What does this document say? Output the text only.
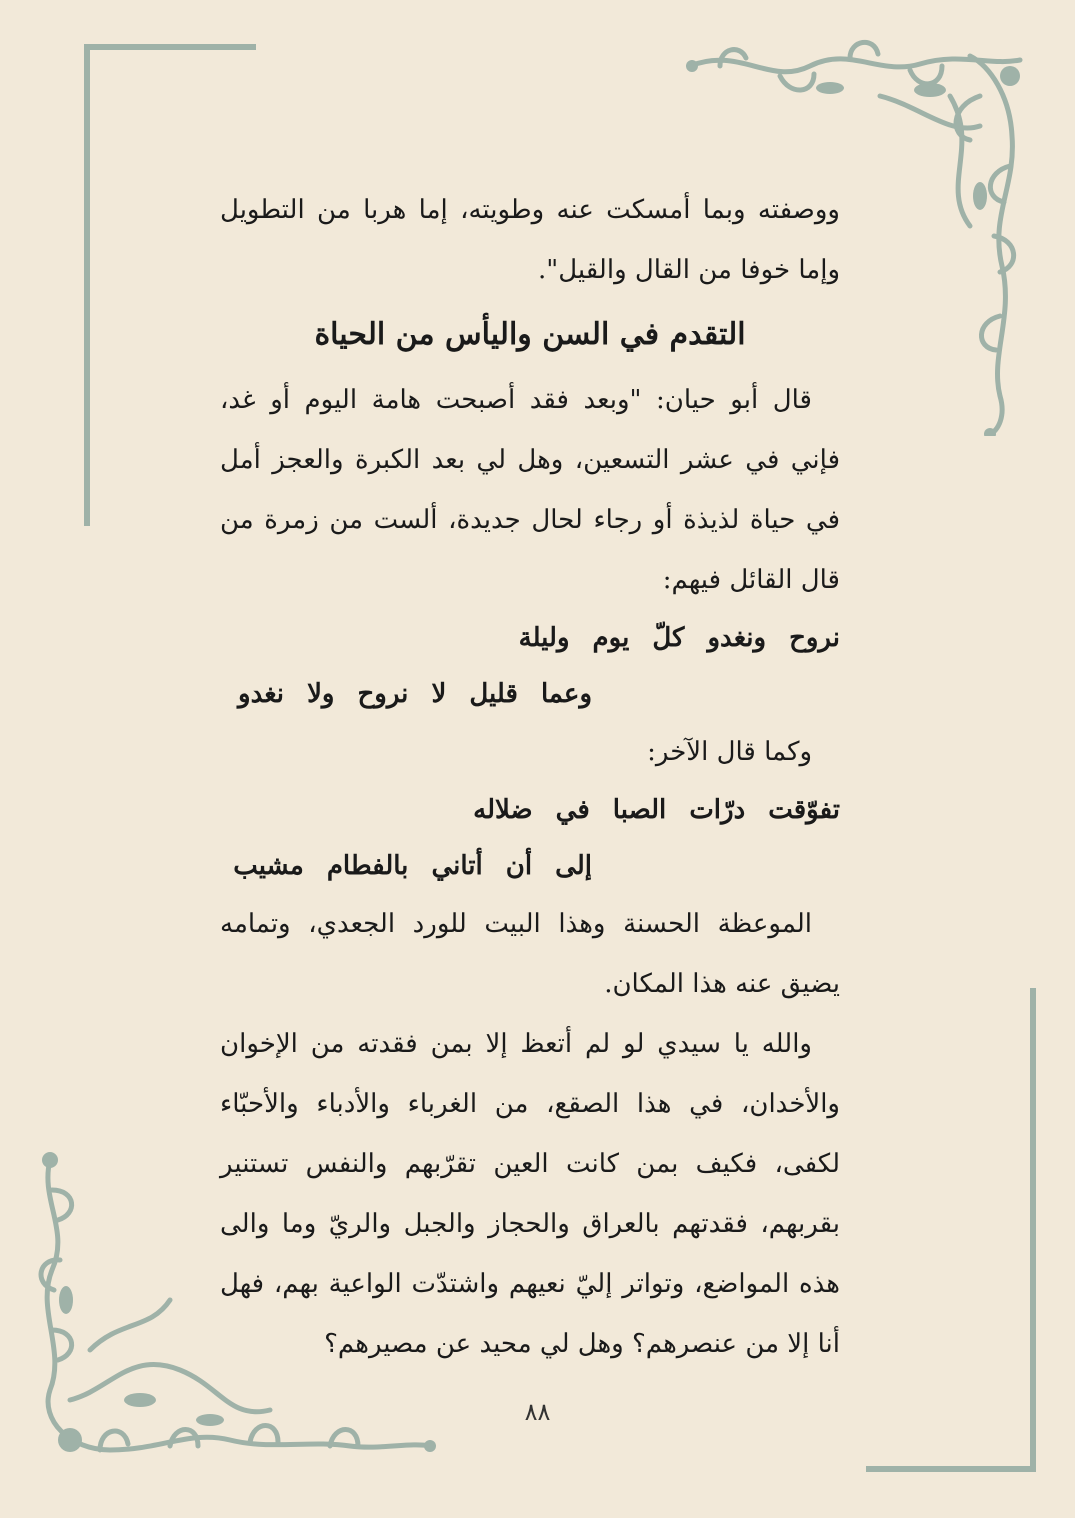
ووصفته وبما أمسكت عنه وطويته، إما هربا من التطويل وإما خوفا من القال والقيل".

التقدم في السن واليأس من الحياة

قال أبو حيان: "وبعد فقد أصبحت هامة اليوم أو غد، فإني في عشر التسعين، وهل لي بعد الكبرة والعجز أمل في حياة لذيذة أو رجاء لحال جديدة، ألست من زمرة من قال القائل فيهم:

نروح ونغدو كلّ يوم وليلة
وعما قليل لا نروح ولا نغدو

وكما قال الآخر:

تفوّقت درّات الصبا في ضلاله
إلى أن أتاني بالفطام مشيب

الموعظة الحسنة وهذا البيت للورد الجعدي، وتمامه يضيق عنه هذا المكان.

والله يا سيدي لو لم أتعظ إلا بمن فقدته من الإخوان والأخدان، في هذا الصقع، من الغرباء والأدباء والأحبّاء لكفى، فكيف بمن كانت العين تقرّبهم والنفس تستنير بقربهم، فقدتهم بالعراق والحجاز والجبل والريّ وما والى هذه المواضع، وتواتر إليّ نعيهم واشتدّت الواعية بهم، فهل أنا إلا من عنصرهم؟ وهل لي محيد عن مصيرهم؟

٨٨
